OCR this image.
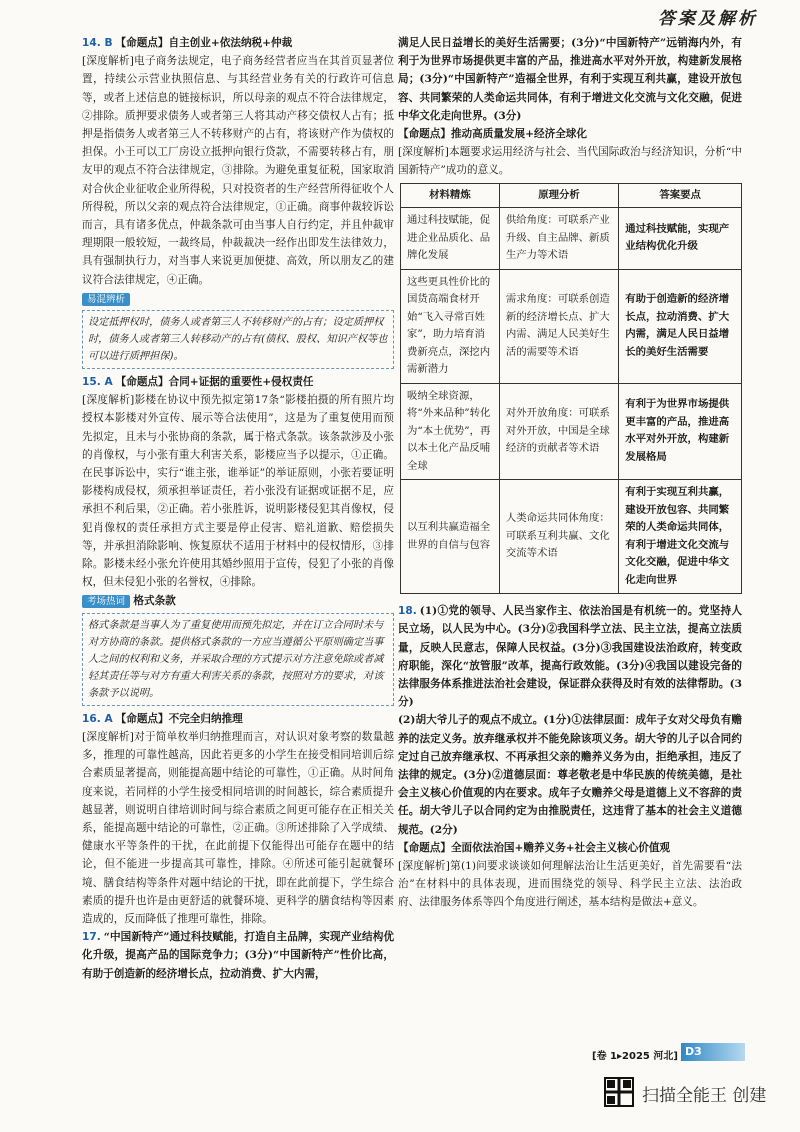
答案及解析

14. B 【命题点】自主创业+依法纳税+仲裁

[深度解析]电子商务法规定，电子商务经营者应当在其首页显著位置，持续公示营业执照信息、与其经营业务有关的行政许可信息等，或者上述信息的链接标识，所以母亲的观点不符合法律规定，②排除。质押要求债务人或者第三人将其动产移交债权人占有；抵押是指债务人或者第三人不转移财产的占有，将该财产作为债权的担保。小王可以工厂房设立抵押向银行贷款，不需要转移占有，朋友甲的观点不符合法律规定，③排除。为避免重复征税，国家取消对合伙企业征收企业所得税，只对投资者的生产经营所得征收个人所得税，所以父亲的观点符合法律规定，①正确。商事仲裁较诉讼而言，具有诸多优点，仲裁条款可由当事人自行约定，并且仲裁审理期限一般较短，一裁终局，仲裁裁决一经作出即发生法律效力，具有强制执行力，对当事人来说更加便捷、高效，所以朋友乙的建议符合法律规定，④正确。

易混辨析
设定抵押权时，债务人或者第三人不转移财产的占有；设定质押权时，债务人或者第三人转移动产的占有(债权、股权、知识产权等也可以进行质押担保)。

15. A 【命题点】合同+证据的重要性+侵权责任

[深度解析]影楼在协议中预先拟定第17条“影楼拍摄的所有照片均授权本影楼对外宣传、展示等合法使用”，这是为了重复使用而预先拟定，且未与小张协商的条款，属于格式条款。该条款涉及小张的肖像权，与小张有重大利害关系，影楼应当予以提示，①正确。在民事诉讼中，实行“谁主张，谁举证”的举证原则，小张若要证明影楼构成侵权，须承担举证责任，若小张没有证据或证据不足，应承担不利后果，②正确。若小张胜诉，说明影楼侵犯其肖像权，侵犯肖像权的责任承担方式主要是停止侵害、赔礼道歉、赔偿损失等，并承担消除影响、恢复原状不适用于材料中的侵权情形，③排除。影楼未经小张允许使用其婚纱照用于宣传，侵犯了小张的肖像权，但未侵犯小张的名誉权，④排除。

考场热词 格式条款
格式条款是当事人为了重复使用而预先拟定，并在订立合同时未与对方协商的条款。提供格式条款的一方应当遵循公平原则确定当事人之间的权利和义务，并采取合理的方式提示对方注意免除或者减轻其责任等与对方有重大利害关系的条款，按照对方的要求，对该条款予以说明。

16. A 【命题点】不完全归纳推理

[深度解析]对于简单枚举归纳推理而言，对认识对象考察的数量越多，推理的可靠性越高，因此若更多的小学生在接受相同培训后综合素质显著提高，则能提高题中结论的可靠性，①正确。从时间角度来说，若同样的小学生接受相同培训的时间越长，综合素质提升越显著，则说明自律培训时间与综合素质之间更可能存在正相关关系，能提高题中结论的可靠性，②正确。③所述排除了入学成绩、健康水平等条件的干扰，在此前提下仅能得出可能存在题中的结论，但不能进一步提高其可靠性，排除。④所述可能引起就餐环境、膳食结构等条件对题中结论的干扰，即在此前提下，学生综合素质的提升也许是由更舒适的就餐环境、更科学的膳食结构等因素造成的，反而降低了推理可靠性，排除。

17. “中国新特产”通过科技赋能，打造自主品牌，实现产业结构优化升级，提高产品的国际竞争力；(3分)“中国新特产”性价比高，有助于创造新的经济增长点，拉动消费、扩大内需，

满足人民日益增长的美好生活需要；(3分)“中国新特产”远销海内外，有利于为世界市场提供更丰富的产品，推进高水平对外开放，构建新发展格局；(3分)“中国新特产”造福全世界，有利于实现互利共赢，建设开放包容、共同繁荣的人类命运共同体，有利于增进文化交流与文化交融，促进中华文化走向世界。(3分)

【命题点】推动高质量发展+经济全球化

[深度解析]本题要求运用经济与社会、当代国际政治与经济知识，分析“中国新特产”成功的意义。

材料精炼	原理分析	答案要点
通过科技赋能，促进企业品质化、品牌化发展	供给角度：可联系产业升级、自主品牌、新质生产力等术语	通过科技赋能，实现产业结构优化升级
这些更具性价比的国货高端食材开始“飞入寻常百姓家”，助力培育消费新亮点，深挖内需新潜力	需求角度：可联系创造新的经济增长点、扩大内需、满足人民美好生活的需要等术语	有助于创造新的经济增长点，拉动消费、扩大内需，满足人民日益增长的美好生活需要
吸纳全球资源，将“外来品种”转化为“本土优势”，再以本土化产品反哺全球	对外开放角度：可联系对外开放，中国是全球经济的贡献者等术语	有利于为世界市场提供更丰富的产品，推进高水平对外开放，构建新发展格局
以互利共赢造福全世界的自信与包容	人类命运共同体角度：可联系互利共赢、文化交流等术语	有利于实现互利共赢，建设开放包容、共同繁荣的人类命运共同体，有利于增进文化交流与文化交融，促进中华文化走向世界

18. (1)①党的领导、人民当家作主、依法治国是有机统一的。党坚持人民立场，以人民为中心。(3分)②我国科学立法、民主立法，提高立法质量，反映人民意志，保障人民权益。(3分)③我国建设法治政府，转变政府职能，深化“放管服”改革，提高行政效能。(3分)④我国以建设完备的法律服务体系推进法治社会建设，保证群众获得及时有效的法律帮助。(3分)

(2)胡大爷儿子的观点不成立。(1分)①法律层面：成年子女对父母负有赡养的法定义务。放弃继承权并不能免除该项义务。胡大爷的儿子以合同约定过自己放弃继承权、不再承担父亲的赡养义务为由，拒绝承担，违反了法律的规定。(3分)②道德层面：尊老敬老是中华民族的传统美德，是社会主义核心价值观的内在要求。成年子女赡养父母是道德上义不容辞的责任。胡大爷儿子以合同约定为由推脱责任，这违背了基本的社会主义道德规范。(2分)

【命题点】全面依法治国+赡养义务+社会主义核心价值观

[深度解析]第(1)问要求谈谈如何理解法治让生活更美好，首先需要看“法治”在材料中的具体表现，进而围绕党的领导、科学民主立法、法治政府、法律服务体系等四个角度进行阐述，基本结构是做法+意义。

[卷 1▸2025 河北] D3
扫描全能王 创建
